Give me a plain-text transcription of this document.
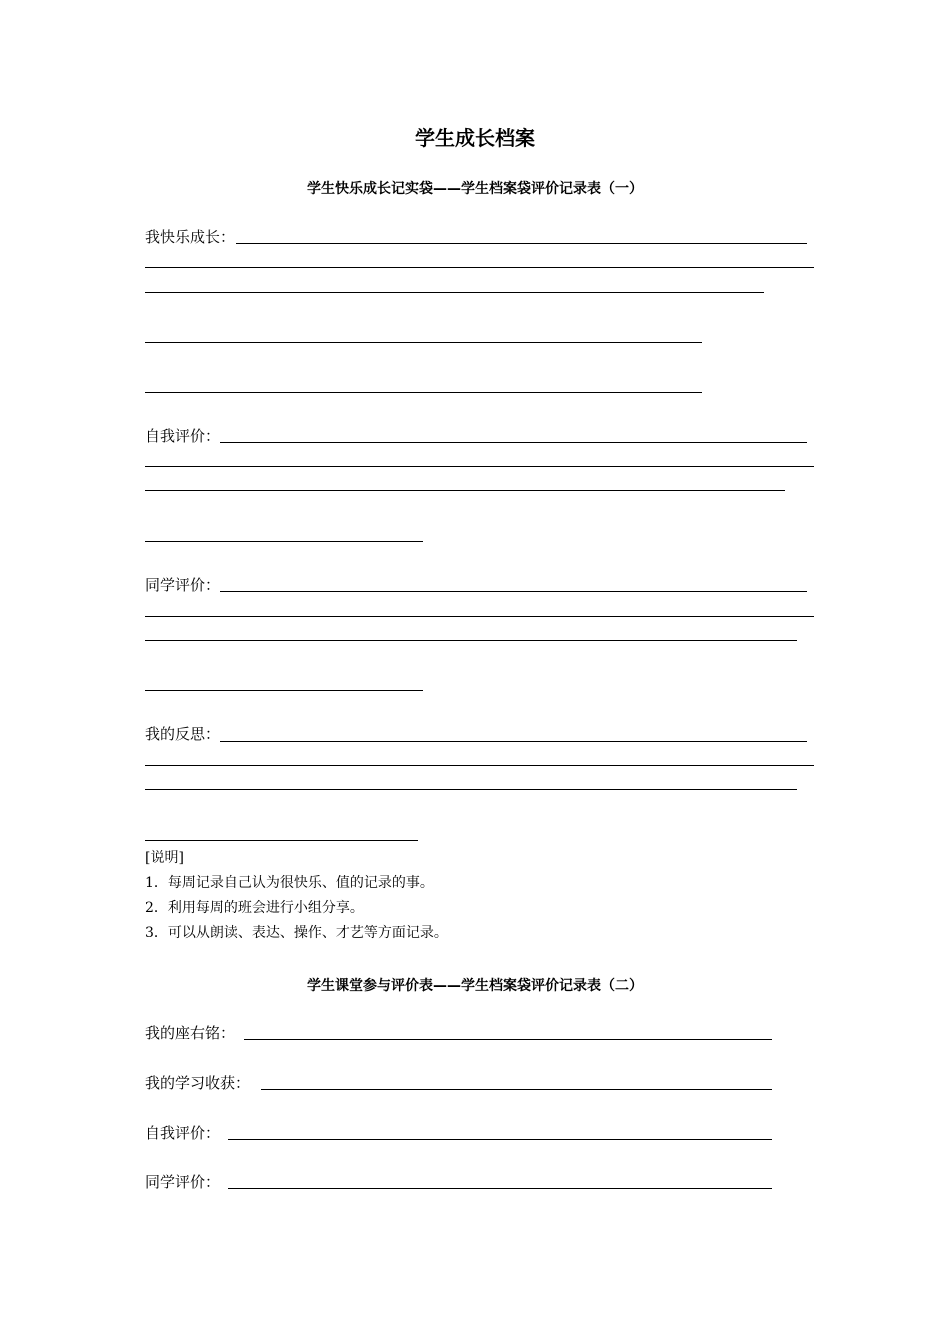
学生成长档案
学生快乐成长记实袋——学生档案袋评价记录表（一）
我快乐成长：
自我评价：
同学评价：
我的反思：
[说明]
1．每周记录自己认为很快乐、值的记录的事。
2．利用每周的班会进行小组分享。
3．可以从朗读、表达、操作、才艺等方面记录。
学生课堂参与评价表——学生档案袋评价记录表（二）
我的座右铭：
我的学习收获：
自我评价：
同学评价：
